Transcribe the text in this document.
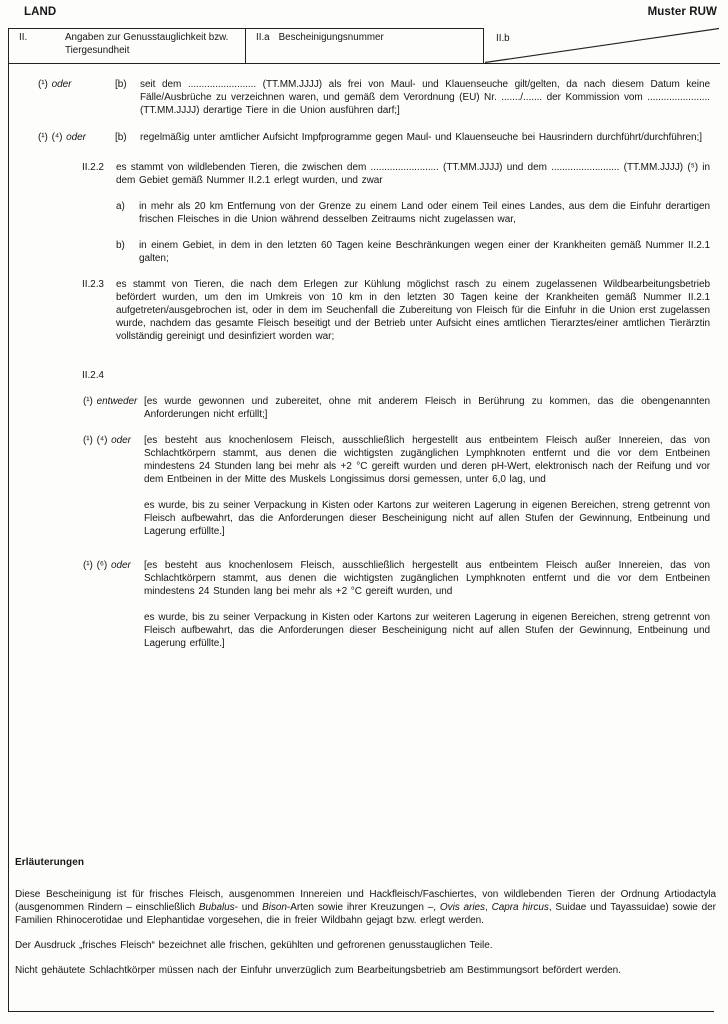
LAND	Muster RUW
II.	Angaben zur Genusstauglichkeit bzw. Tiergesundheit
II.a Bescheinigungsnummer	II.b
(¹) oder	[b)	seit dem ......................... (TT.MM.JJJJ) als frei von Maul- und Klauenseuche gilt/gelten, da nach diesem Datum keine Fälle/Ausbrüche zu verzeichnen waren, und gemäß dem Verordnung (EU) Nr. ......./....... der Kommission vom ....................... (TT.MM.JJJJ) derartige Tiere in die Union ausführen darf;]
(¹) (⁴) oder	[b)	regelmäßig unter amtlicher Aufsicht Impfprogramme gegen Maul- und Klauenseuche bei Hausrindern durchführt/durchführen;]
II.2.2	es stammt von wildlebenden Tieren, die zwischen dem ......................... (TT.MM.JJJJ) und dem ......................... (TT.MM.JJJJ) (⁵) in dem Gebiet gemäß Nummer II.2.1 erlegt wurden, und zwar
a)	in mehr als 20 km Entfernung von der Grenze zu einem Land oder einem Teil eines Landes, aus dem die Einfuhr derartigen frischen Fleisches in die Union während desselben Zeitraums nicht zugelassen war,
b)	in einem Gebiet, in dem in den letzten 60 Tagen keine Beschränkungen wegen einer der Krankheiten gemäß Nummer II.2.1 galten;
II.2.3	es stammt von Tieren, die nach dem Erlegen zur Kühlung möglichst rasch zu einem zugelassenen Wildbearbeitungsbetrieb befördert wurden, um den im Umkreis von 10 km in den letzten 30 Tagen keine der Krankheiten gemäß Nummer II.2.1 aufgetreten/ausgebrochen ist, oder in dem im Seuchenfall die Zubereitung von Fleisch für die Einfuhr in die Union erst zugelassen wurde, nachdem das gesamte Fleisch beseitigt und der Betrieb unter Aufsicht eines amtlichen Tierarztes/einer amtlichen Tierärztin vollständig gereinigt und desinfiziert worden war;
II.2.4
(¹) entweder [es wurde gewonnen und zubereitet, ohne mit anderem Fleisch in Berührung zu kommen, das die obengenannten Anforderungen nicht erfüllt;]
(¹) (⁴) oder	[es besteht aus knochenlosem Fleisch, ausschließlich hergestellt aus entbeintem Fleisch außer Innereien, das von Schlachtkörpern stammt, aus denen die wichtigsten zugänglichen Lymphknoten entfernt und die vor dem Entbeinen mindestens 24 Stunden lang bei mehr als +2 °C gereift wurden und deren pH-Wert, elektronisch nach der Reifung und vor dem Entbeinen in der Mitte des Muskels Longissimus dorsi gemessen, unter 6,0 lag, und
es wurde, bis zu seiner Verpackung in Kisten oder Kartons zur weiteren Lagerung in eigenen Bereichen, streng getrennt von Fleisch aufbewahrt, das die Anforderungen dieser Bescheinigung nicht auf allen Stufen der Gewinnung, Entbeinung und Lagerung erfüllte.]
(¹) (⁶) oder	[es besteht aus knochenlosem Fleisch, ausschließlich hergestellt aus entbeintem Fleisch außer Innereien, das von Schlachtkörpern stammt, aus denen die wichtigsten zugänglichen Lymphknoten entfernt und die vor dem Entbeinen mindestens 24 Stunden lang bei mehr als +2 °C gereift wurden, und
es wurde, bis zu seiner Verpackung in Kisten oder Kartons zur weiteren Lagerung in eigenen Bereichen, streng getrennt von Fleisch aufbewahrt, das die Anforderungen dieser Bescheinigung nicht auf allen Stufen der Gewinnung, Entbeinung und Lagerung erfüllte.]
Erläuterungen

Diese Bescheinigung ist für frisches Fleisch, ausgenommen Innereien und Hackfleisch/Faschiertes, von wildlebenden Tieren der Ordnung Artiodactyla (ausgenommen Rindern – einschließlich Bubalus- und Bison-Arten sowie ihrer Kreuzungen –, Ovis aries, Capra hircus, Suidae und Tayassuidae) sowie der Familien Rhinocerotidae und Elephantidae vorgesehen, die in freier Wildbahn gejagt bzw. erlegt werden.

Der Ausdruck „frisches Fleisch“ bezeichnet alle frischen, gekühlten und gefrorenen genusstauglichen Teile.

Nicht gehäutete Schlachtkörper müssen nach der Einfuhr unverzüglich zum Bearbeitungsbetrieb am Bestimmungsort befördert werden.
